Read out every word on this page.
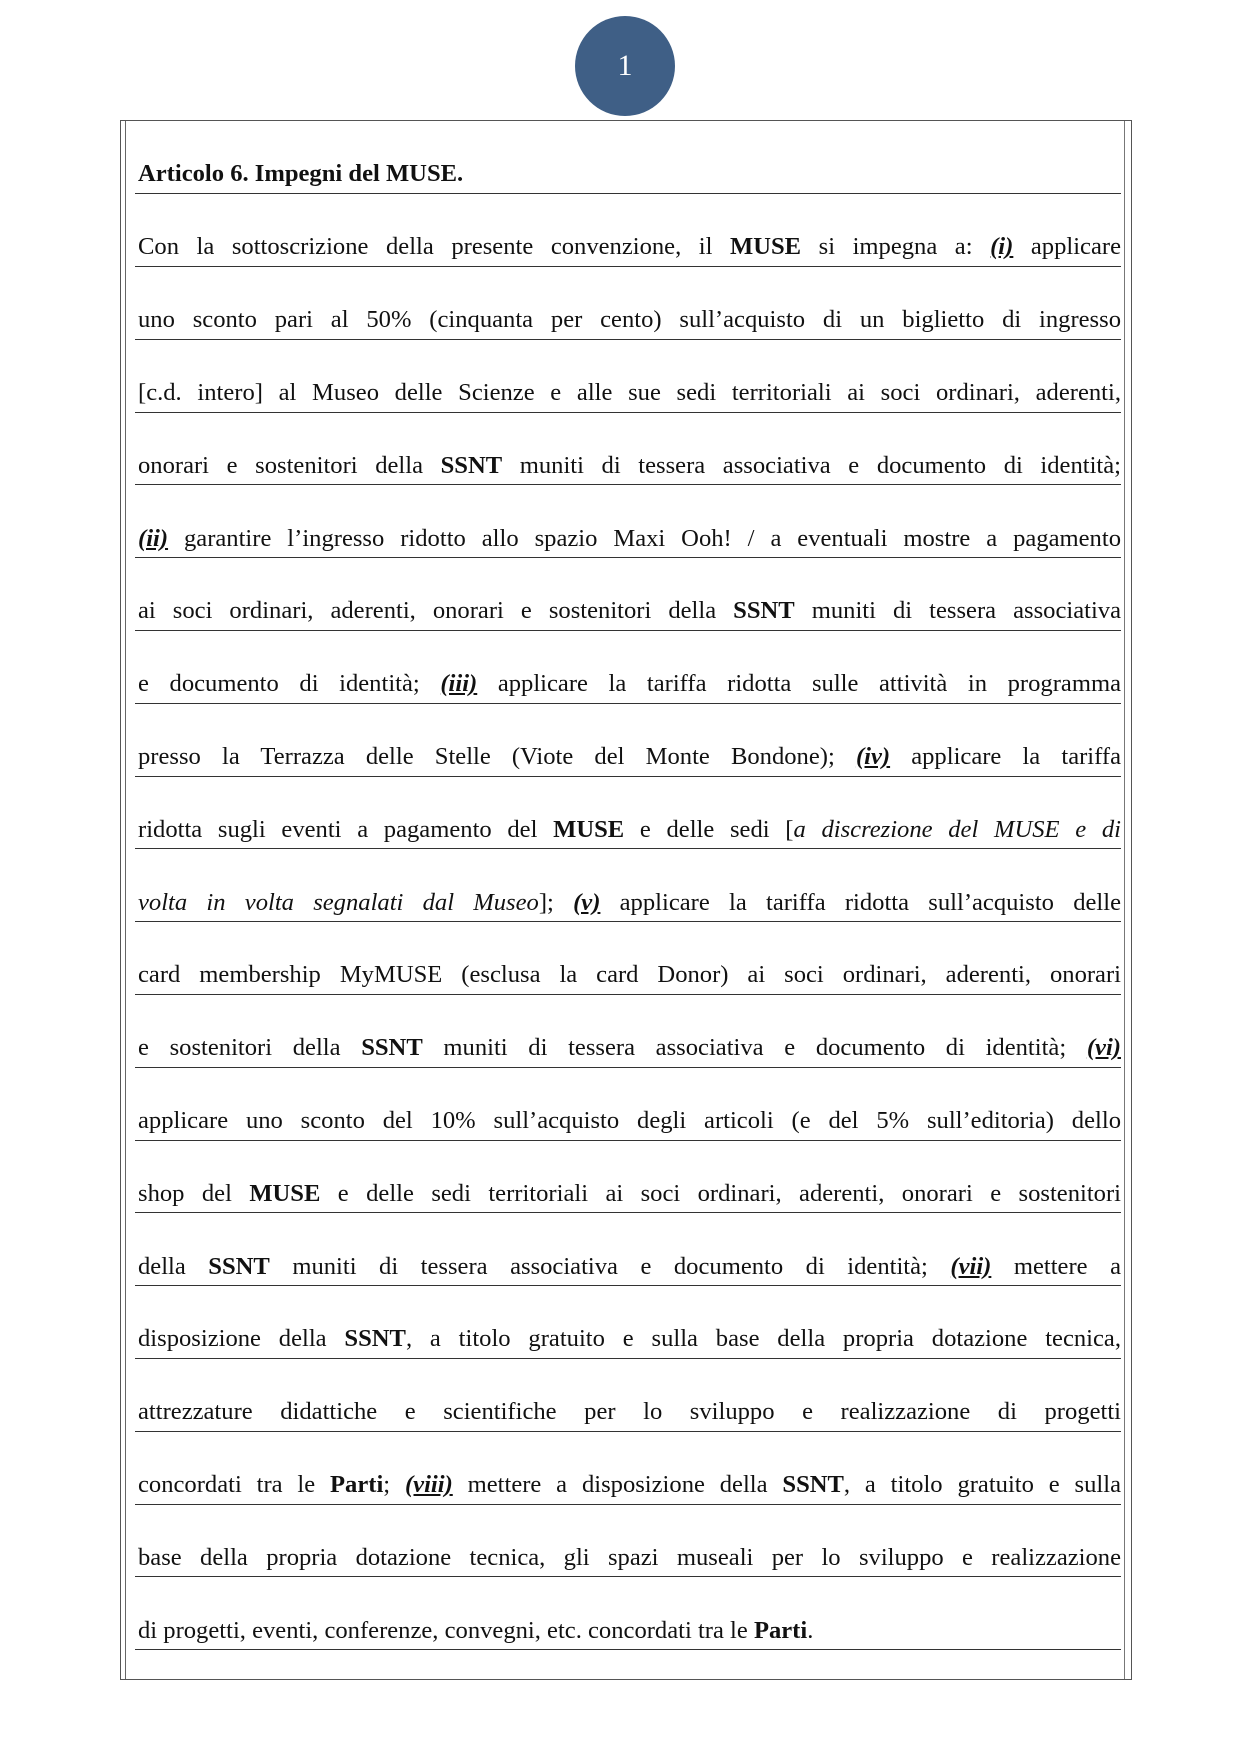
1
Articolo 6. Impegni del MUSE.
Con la sottoscrizione della presente convenzione, il MUSE si impegna a: (i) applicare
uno sconto pari al 50% (cinquanta per cento) sull’acquisto di un biglietto di ingresso
[c.d. intero] al Museo delle Scienze e alle sue sedi territoriali ai soci ordinari, aderenti,
onorari e sostenitori della SSNT muniti di tessera associativa e documento di identità;
(ii) garantire l’ingresso ridotto allo spazio Maxi Ooh! / a eventuali mostre a pagamento
ai soci ordinari, aderenti, onorari e sostenitori della SSNT muniti di tessera associativa
e documento di identità; (iii) applicare la tariffa ridotta sulle attività in programma
presso la Terrazza delle Stelle (Viote del Monte Bondone); (iv) applicare la tariffa
ridotta sugli eventi a pagamento del MUSE e delle sedi [a discrezione del MUSE e di
volta in volta segnalati dal Museo]; (v) applicare la tariffa ridotta sull’acquisto delle
card membership MyMUSE (esclusa la card Donor) ai soci ordinari, aderenti, onorari
e sostenitori della SSNT muniti di tessera associativa e documento di identità; (vi)
applicare uno sconto del 10% sull’acquisto degli articoli (e del 5% sull’editoria) dello
shop del MUSE e delle sedi territoriali ai soci ordinari, aderenti, onorari e sostenitori
della SSNT muniti di tessera associativa e documento di identità; (vii) mettere a
disposizione della SSNT, a titolo gratuito e sulla base della propria dotazione tecnica,
attrezzature didattiche e scientifiche per lo sviluppo e realizzazione di progetti
concordati tra le Parti; (viii) mettere a disposizione della SSNT, a titolo gratuito e sulla
base della propria dotazione tecnica, gli spazi museali per lo sviluppo e realizzazione
di progetti, eventi, conferenze, convegni, etc. concordati tra le Parti.
